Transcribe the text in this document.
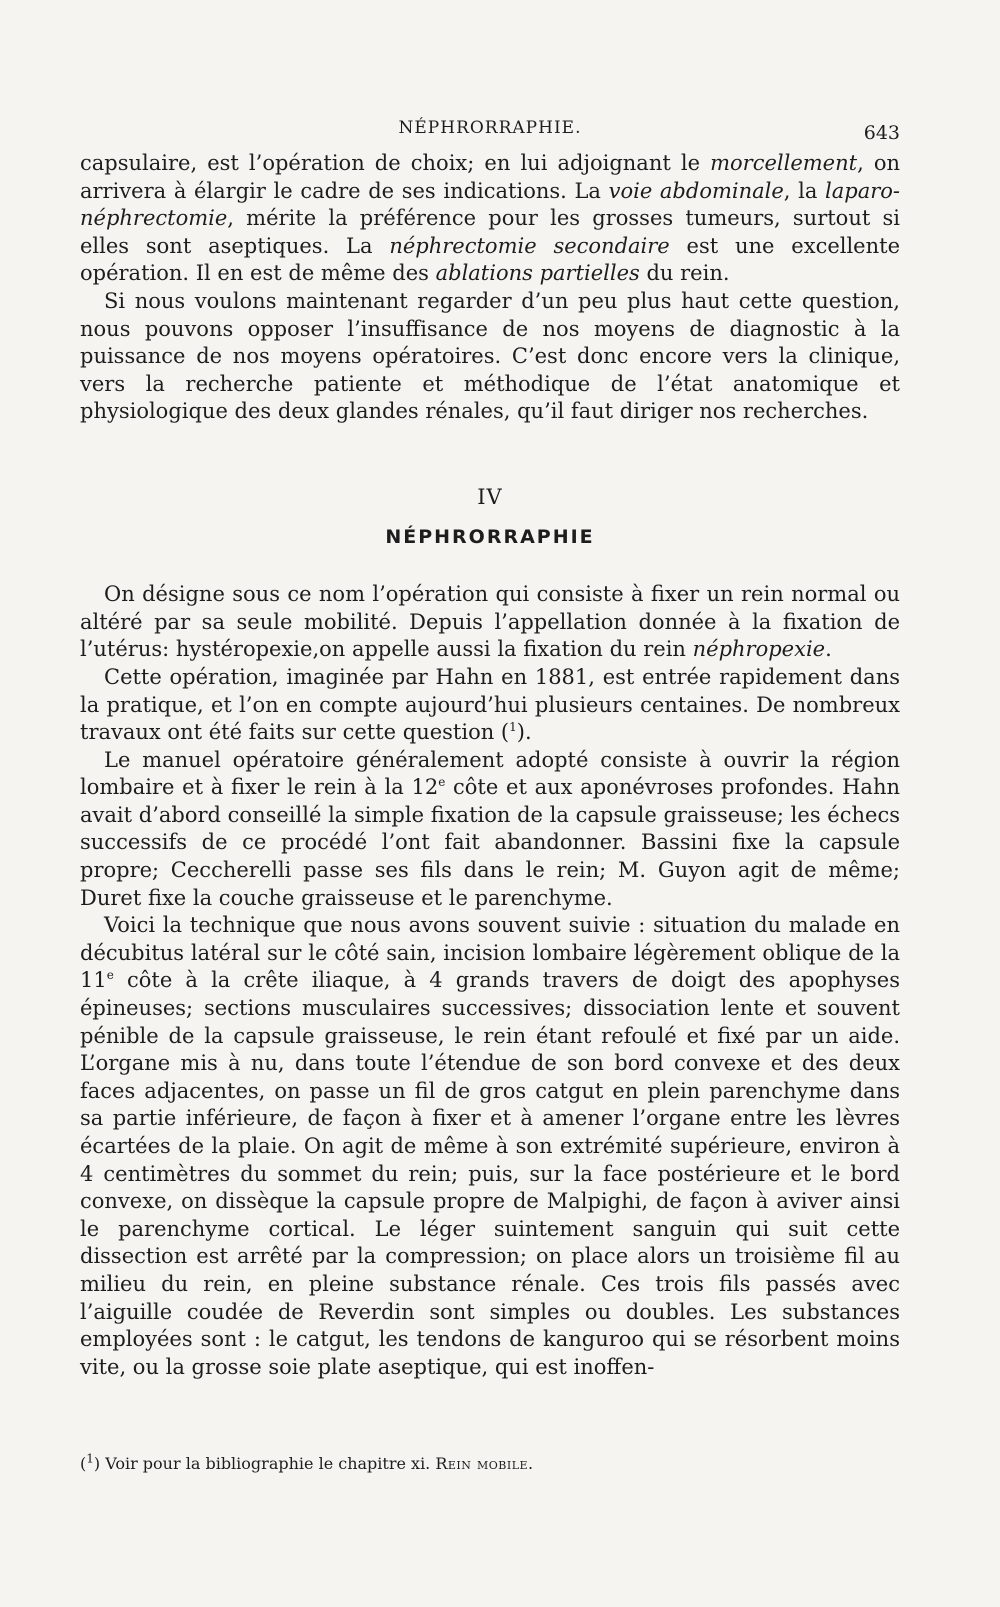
NÉPHRORRAPHIE.	643

capsulaire, est l’opération de choix; en lui adjoignant le morcellement, on arrivera à élargir le cadre de ses indications. La voie abdominale, la laparo-néphrectomie, mérite la préférence pour les grosses tumeurs, surtout si elles sont aseptiques. La néphrectomie secondaire est une excellente opération. Il en est de même des ablations partielles du rein.

Si nous voulons maintenant regarder d’un peu plus haut cette question, nous pouvons opposer l’insuffisance de nos moyens de diagnostic à la puissance de nos moyens opératoires. C’est donc encore vers la clinique, vers la recherche patiente et méthodique de l’état anatomique et physiologique des deux glandes rénales, qu’il faut diriger nos recherches.

IV
NÉPHRORRAPHIE

On désigne sous ce nom l’opération qui consiste à fixer un rein normal ou altéré par sa seule mobilité. Depuis l’appellation donnée à la fixation de l’utérus: hystéropexie,on appelle aussi la fixation du rein néphropexie.

Cette opération, imaginée par Hahn en 1881, est entrée rapidement dans la pratique, et l’on en compte aujourd’hui plusieurs centaines. De nombreux travaux ont été faits sur cette question ($^1$).

Le manuel opératoire généralement adopté consiste à ouvrir la région lombaire et à fixer le rein à la 12e côte et aux aponévroses profondes. Hahn avait d’abord conseillé la simple fixation de la capsule graisseuse; les échecs successifs de ce procédé l’ont fait abandonner. Bassini fixe la capsule propre; Ceccherelli passe ses fils dans le rein; M. Guyon agit de même; Duret fixe la couche graisseuse et le parenchyme.

Voici la technique que nous avons souvent suivie : situation du malade en décubitus latéral sur le côté sain, incision lombaire légèrement oblique de la 11e côte à la crête iliaque, à 4 grands travers de doigt des apophyses épineuses; sections musculaires successives; dissociation lente et souvent pénible de la capsule graisseuse, le rein étant refoulé et fixé par un aide. L’organe mis à nu, dans toute l’étendue de son bord convexe et des deux faces adjacentes, on passe un fil de gros catgut en plein parenchyme dans sa partie inférieure, de façon à fixer et à amener l’organe entre les lèvres écartées de la plaie. On agit de même à son extrémité supérieure, environ à 4 centimètres du sommet du rein; puis, sur la face postérieure et le bord convexe, on dissèque la capsule propre de Malpighi, de façon à aviver ainsi le parenchyme cortical. Le léger suintement sanguin qui suit cette dissection est arrêté par la compression; on place alors un troisième fil au milieu du rein, en pleine substance rénale. Ces trois fils passés avec l’aiguille coudée de Reverdin sont simples ou doubles. Les substances employées sont : le catgut, les tendons de kanguroo qui se résorbent moins vite, ou la grosse soie plate aseptique, qui est inoffen-

($^1$) Voir pour la bibliographie le chapitre xi. Rein mobile.
